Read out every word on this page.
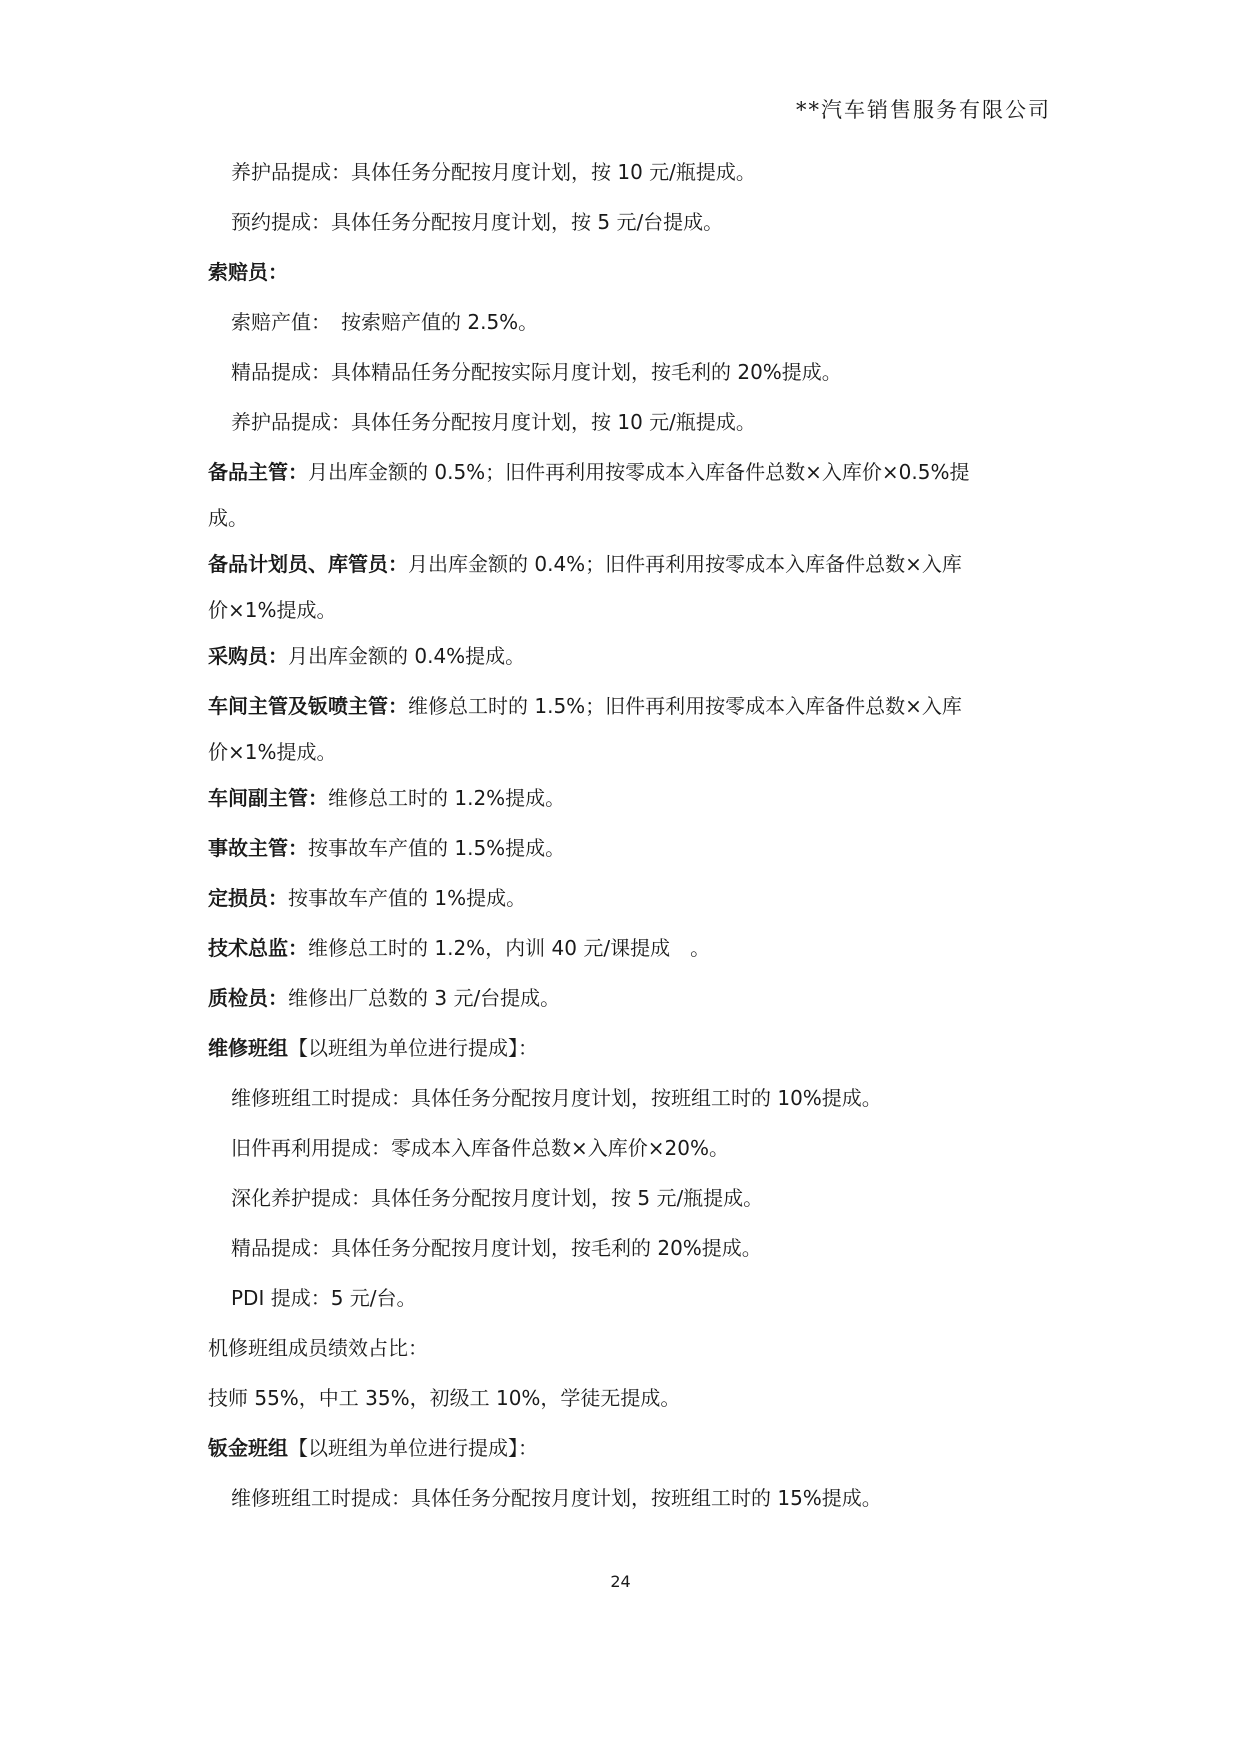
**汽车销售服务有限公司
养护品提成：具体任务分配按月度计划，按 10 元/瓶提成。
预约提成：具体任务分配按月度计划，按 5 元/台提成。
索赔员：
索赔产值：　按索赔产值的 2.5%。
精品提成：具体精品任务分配按实际月度计划，按毛利的 20%提成。
养护品提成：具体任务分配按月度计划，按 10 元/瓶提成。
备品主管：月出库金额的 0.5%；旧件再利用按零成本入库备件总数×入库价×0.5%提
成。
备品计划员、库管员：月出库金额的 0.4%；旧件再利用按零成本入库备件总数×入库
价×1%提成。
采购员：月出库金额的 0.4%提成。
车间主管及钣喷主管：维修总工时的 1.5%；旧件再利用按零成本入库备件总数×入库
价×1%提成。
车间副主管：维修总工时的 1.2%提成。
事故主管：按事故车产值的 1.5%提成。
定损员：按事故车产值的 1%提成。
技术总监：维修总工时的 1.2%，内训 40 元/课提成　。
质检员：维修出厂总数的 3 元/台提成。
维修班组【以班组为单位进行提成】：
维修班组工时提成：具体任务分配按月度计划，按班组工时的 10%提成。
旧件再利用提成：零成本入库备件总数×入库价×20%。
深化养护提成：具体任务分配按月度计划，按 5 元/瓶提成。
精品提成：具体任务分配按月度计划，按毛利的 20%提成。
PDI 提成：5 元/台。
机修班组成员绩效占比：
技师 55%，中工 35%，初级工 10%，学徒无提成。
钣金班组【以班组为单位进行提成】：
维修班组工时提成：具体任务分配按月度计划，按班组工时的 15%提成。
24
